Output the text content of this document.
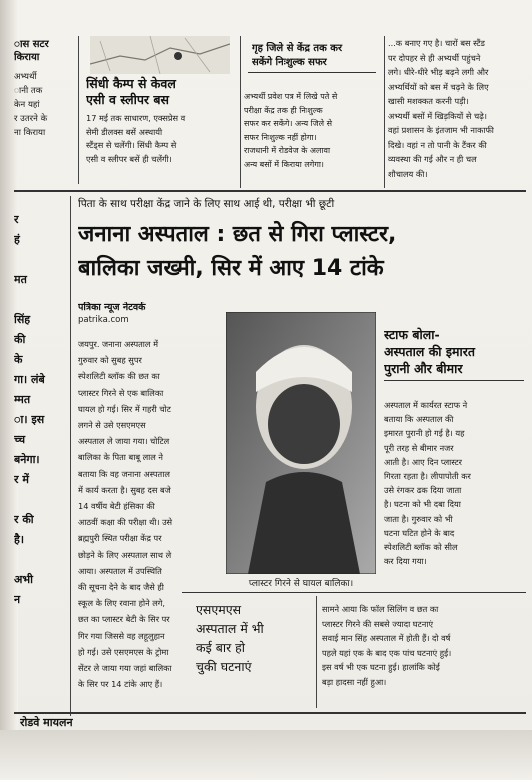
ास सटर
किराया
अभ्यर्थी
ानी तक
केन यहां
र उतरने के
ना किराया
सिंधी कैम्प से केवल
एसी व स्लीपर बस
17 मई तक साधारण, एक्सप्रेस व
सेमी डीलक्स बसें अस्थायी
स्टैंड्स से चलेंगी। सिंधी कैम्प से
एसी व स्लीपर बसें ही चलेंगी।
गृह जिले से केंद्र तक कर
सकेंगे निःशुल्क सफर
अभ्यर्थी प्रवेश पत्र में लिखे पते से
परीक्षा केंद्र तक ही निःशुल्क
सफर कर सकेंगे। अन्य जिले से
सफर निःशुल्क नहीं होगा।
राजधानी में रोडवेज के अलावा
अन्य बसों में किराया लगेगा।
...क बनाए गए है। चारों बस स्टैंड
पर दोपहर से ही अभ्यर्थी पहुंचने
लगे। धीरे-धीरे भीड़ बढ़ने लगी और
अभ्यर्थियों को बस में चढ़ने के लिए
खासी मशक्कत करनी पड़ी।
अभ्यर्थी बसों में खिड़कियों से चढ़े।
वहां प्रशासन के इंतजाम भी नाकाफी
दिखे। वहां न तो पानी के टैंकर की
व्यवस्था की गई और न ही चल
शौचालय की।
र
हं

मत

सिंह
की
के
गा। लंबे
म्मत
ा। इस
च्च
बनेगा।
र में

र की
है।

अभी
न
पिता के साथ परीक्षा केंद्र जाने के लिए साथ आई थी, परीक्षा भी छूटी
जनाना अस्पताल : छत से गिरा प्लास्टर,
बालिका जख्मी, सिर में आए 14 टांके
पत्रिका न्यूज नेटवर्क
patrika.com
जयपुर. जनाना अस्पताल में
गुरुवार को सुबह सुपर
स्पेशलिटी ब्लॉक की छत का
प्लास्टर गिरने से एक बालिका
घायल हो गई। सिर में गहरी चोट
लगने से उसे एसएमएस
अस्पताल ले जाया गया। चोटिल
बालिका के पिता बाबू लाल ने
बताया कि वह जनाना अस्पताल
में कार्य करता है। सुबह दस बजे
14 वर्षीय बेटी हंसिका की
आठवीं कक्षा की परीक्षा थी। उसे
ब्रह्मपुरी स्थित परीक्षा केंद्र पर
छोड़ने के लिए अस्पताल साथ ले
आया। अस्पताल में उपस्थिति
की सूचना देने के बाद जैसे ही
स्कूल के लिए रवाना होने लगे,
छत का प्लास्टर बेटी के सिर पर
गिर गया जिससे वह लहूलुहान
हो गई। उसे एसएमएस के ट्रोमा
सेंटर ले जाया गया जहां बालिका
के सिर पर 14 टांके आए हैं।
प्लास्टर गिरने से घायल बालिका।
स्टाफ बोला-
अस्पताल की इमारत
पुरानी और बीमार
अस्पताल में कार्यरत स्टाफ ने
बताया कि अस्पताल की
इमारत पुरानी हो गई है। यह
पूरी तरह से बीमार नजर
आती है। आए दिन प्लास्टर
गिरता रहता है। लीपापोती कर
उसे रंगकर ढक दिया जाता
है। घटना को भी दबा दिया
जाता है। गुरुवार को भी
घटना घटित होने के बाद
स्पेशलिटी ब्लॉक को सील
कर दिया गया।
एसएमएस
अस्पताल में भी
कई बार हो
चुकी घटनाएं
सामने आया कि फॉल सिलिंग व छत का
प्लास्टर गिरने की सबसे ज्यादा घटनाएं
सवाई मान सिंह अस्पताल में होती हैं। दो वर्ष
पहले यहां एक के बाद एक पांच घटनाएं हुई।
इस वर्ष भी एक घटना हुई। हालांकि कोई
बड़ा हादसा नहीं हुआ।
रोडवे मायलन
